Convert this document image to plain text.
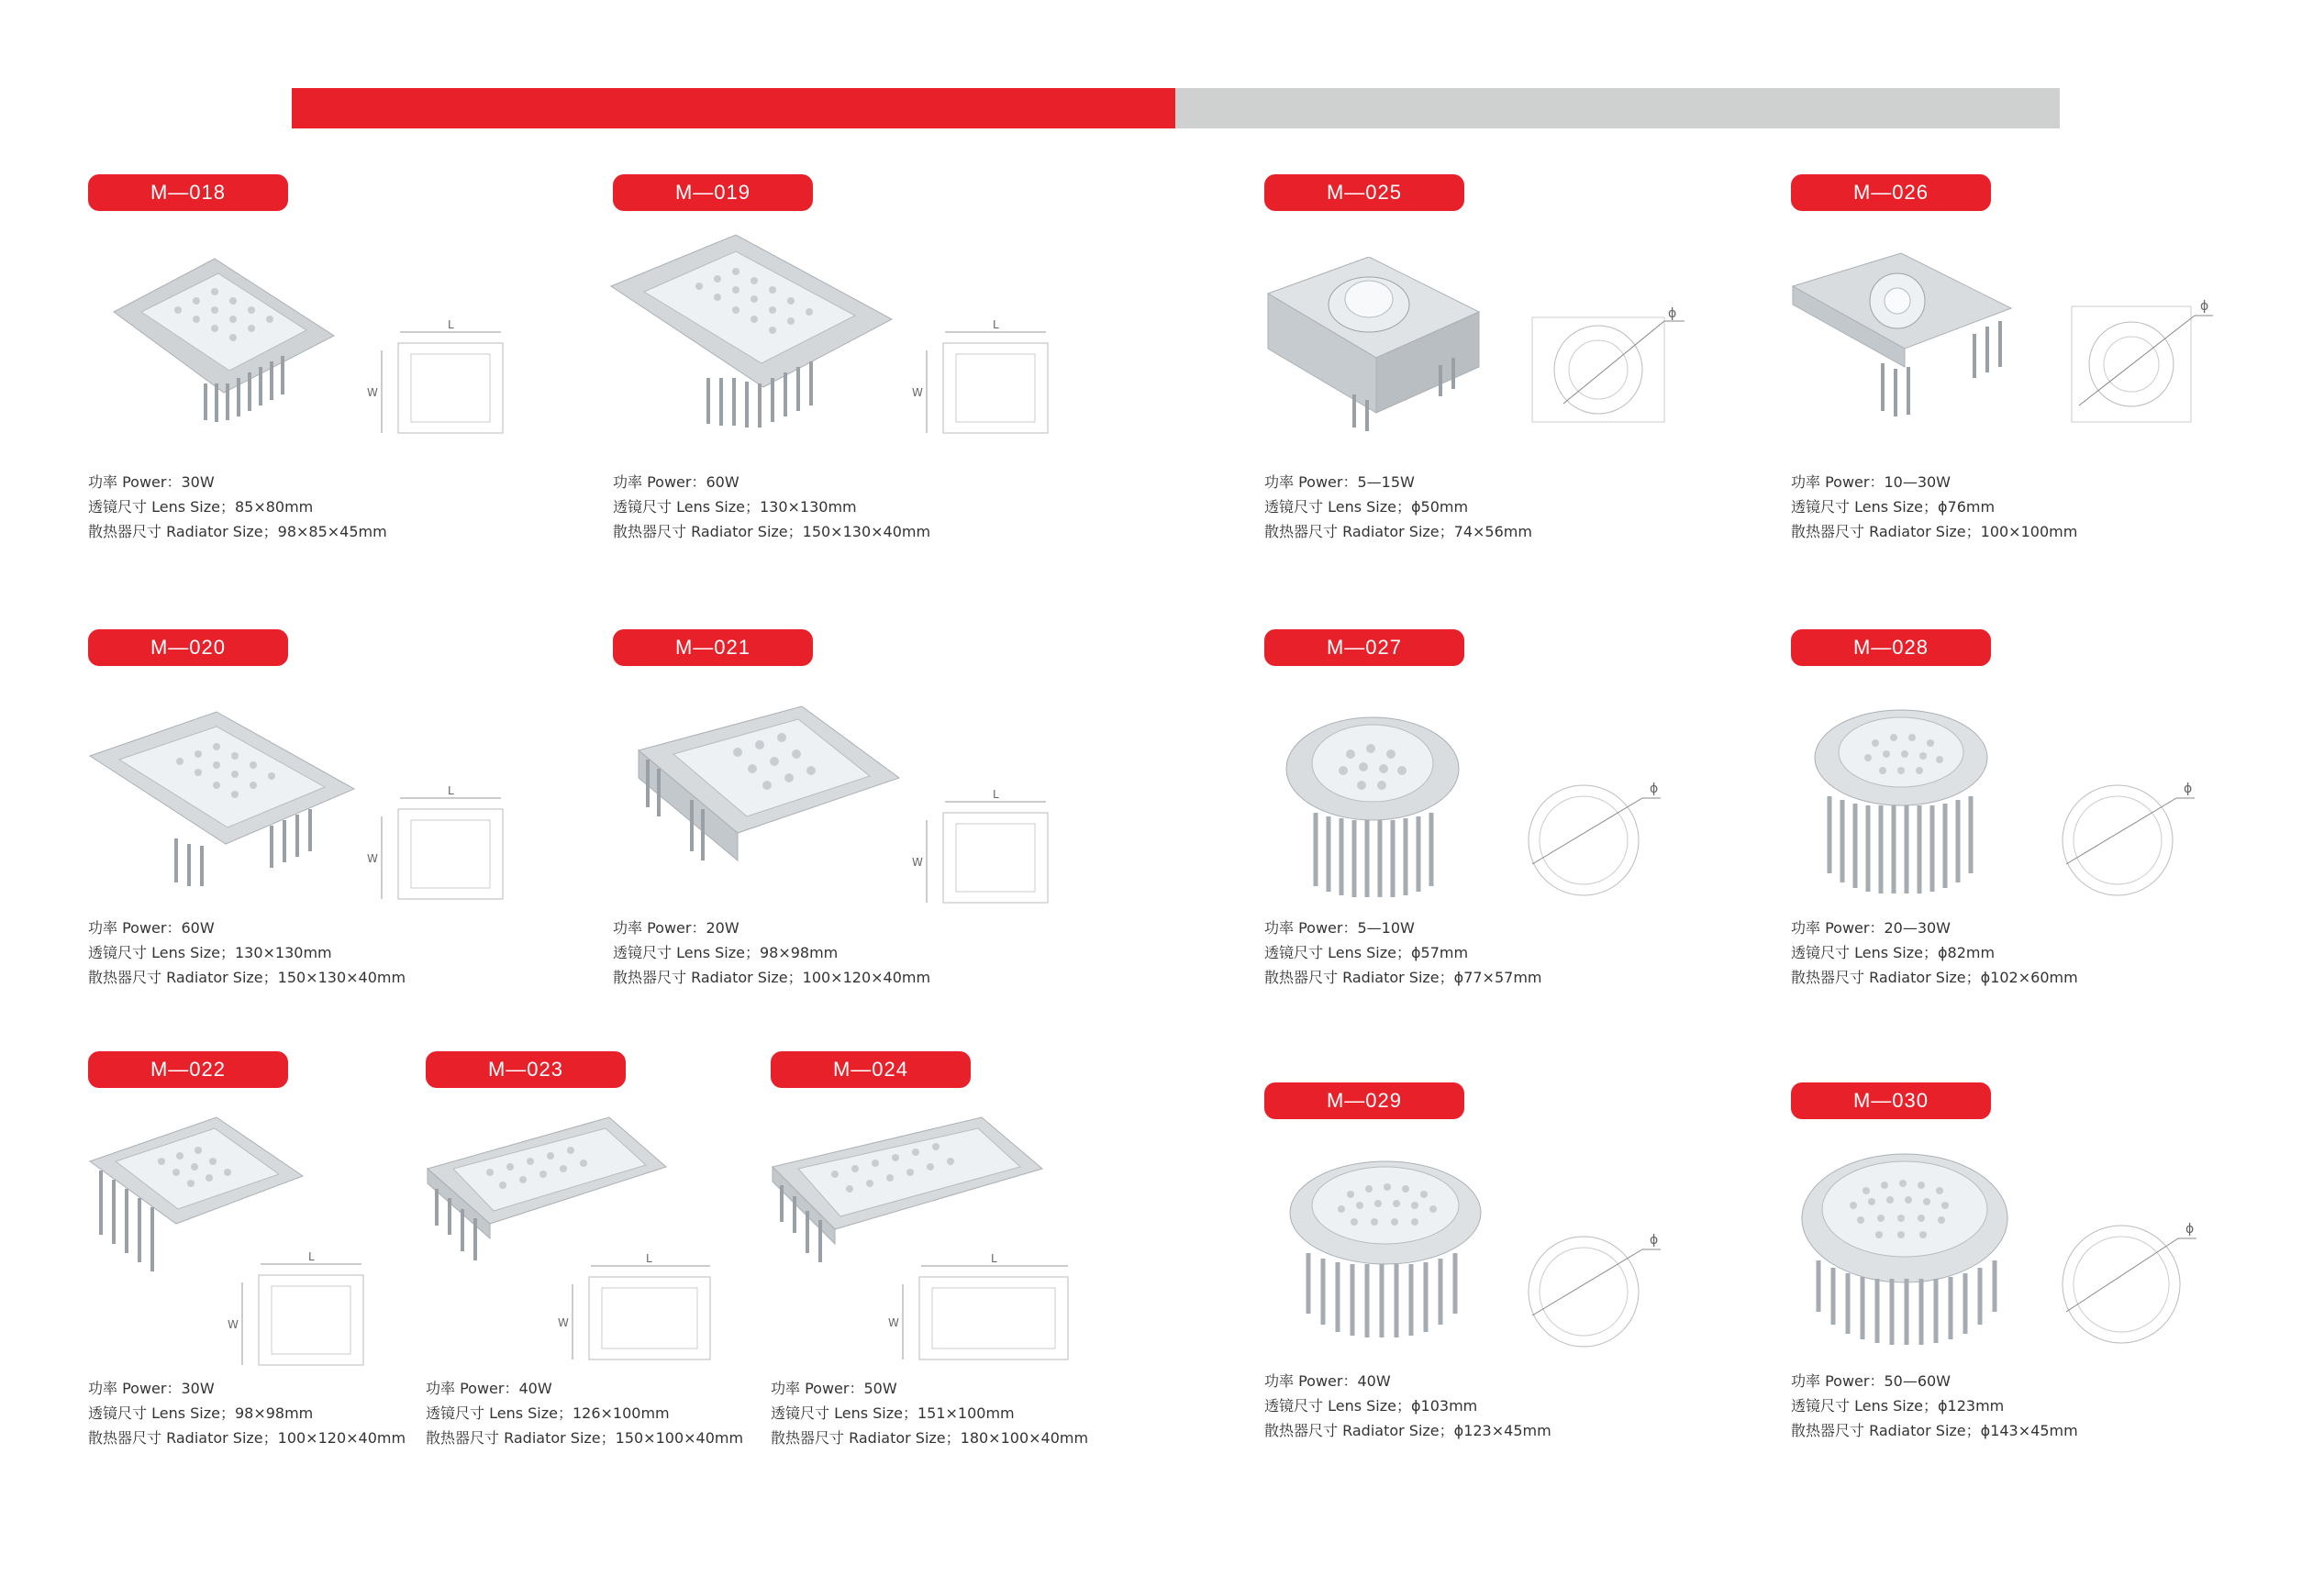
M—018
L
W
功率 Power：30W
透镜尺寸 Lens Size；85×80mm
散热器尺寸 Radiator Size；98×85×45mm
M—019
L
W
功率 Power：60W
透镜尺寸 Lens Size；130×130mm
散热器尺寸 Radiator Size；150×130×40mm
M—025
ϕ
功率 Power：5—15W
透镜尺寸 Lens Size；ϕ50mm
散热器尺寸 Radiator Size；74×56mm
M—026
ϕ
功率 Power：10—30W
透镜尺寸 Lens Size；ϕ76mm
散热器尺寸 Radiator Size；100×100mm
M—020
L
W
功率 Power：60W
透镜尺寸 Lens Size；130×130mm
散热器尺寸 Radiator Size；150×130×40mm
M—021
L
W
功率 Power：20W
透镜尺寸 Lens Size；98×98mm
散热器尺寸 Radiator Size；100×120×40mm
M—027
ϕ
功率 Power：5—10W
透镜尺寸 Lens Size；ϕ57mm
散热器尺寸 Radiator Size；ϕ77×57mm
M—028
ϕ
功率 Power：20—30W
透镜尺寸 Lens Size；ϕ82mm
散热器尺寸 Radiator Size；ϕ102×60mm
M—022
L
W
功率 Power：30W
透镜尺寸 Lens Size；98×98mm
散热器尺寸 Radiator Size；100×120×40mm
M—023
L
W
功率 Power：40W
透镜尺寸 Lens Size；126×100mm
散热器尺寸 Radiator Size；150×100×40mm
M—024
L
W
功率 Power：50W
透镜尺寸 Lens Size；151×100mm
散热器尺寸 Radiator Size；180×100×40mm
M—029
ϕ
功率 Power：40W
透镜尺寸 Lens Size；ϕ103mm
散热器尺寸 Radiator Size；ϕ123×45mm
M—030
ϕ
功率 Power：50—60W
透镜尺寸 Lens Size；ϕ123mm
散热器尺寸 Radiator Size；ϕ143×45mm
